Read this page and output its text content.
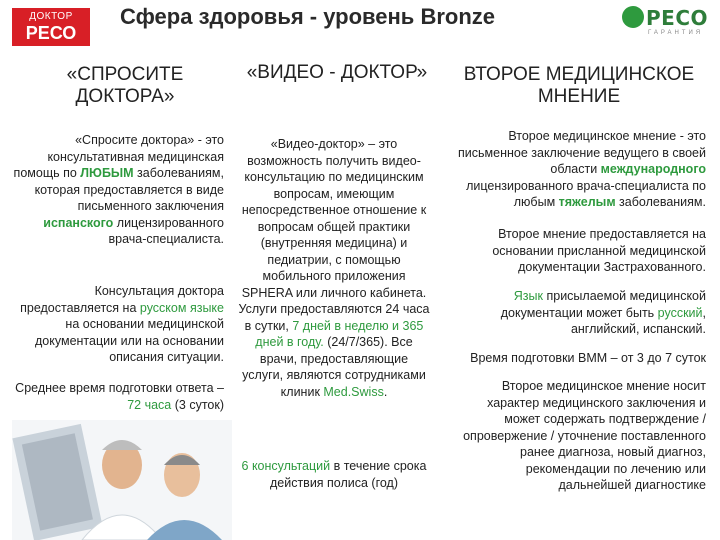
ДОКТОР
РЕСО
Сфера здоровья - уровень Bronze	РЕСО
ГАРАНТИЯ
«СПРОСИТЕ
ДОКТОРА»
«ВИДЕО - ДОКТОР»	ВТОРОЕ МЕДИЦИНСКОЕ
МНЕНИЕ
«Спросите доктора» - это консультативная медицинская помощь по ЛЮБЫМ заболеваниям, которая предоставляется в виде письменного заключения испанского лицензированного врача-специалиста.
Консультация доктора предоставляется на русском языке на основании медицинской документации или на основании описания ситуации.
Среднее время подготовки ответа – 72 часа (3 суток)
«Видео-доктор» – это возможность получить видео-консультацию по медицинским вопросам, имеющим непосредственное отношение к вопросам общей практики (внутренняя медицина) и педиатрии, с помощью мобильного приложения SPHERA или личного кабинета. Услуги предоставляются 24 часа в сутки, 7 дней в неделю и 365 дней в году. (24/7/365). Все врачи, предоставляющие услуги, являются сотрудниками клиник Med.Swiss.
6 консультаций в течение срока действия полиса (год)
Второе медицинское мнение - это письменное заключение ведущего в своей области международного лицензированного врача-специалиста по любым тяжелым заболеваниям.
Второе мнение предоставляется на основании присланной медицинской документации Застрахованного.
Язык присылаемой медицинской документации может быть русский, английский, испанский.
Время подготовки ВММ – от 3 до 7 суток
Второе медицинское мнение носит характер медицинского заключения и может содержать подтверждение / опровержение / уточнение поставленного ранее диагноза, новый диагноз, рекомендации по лечению или дальнейшей диагностике
